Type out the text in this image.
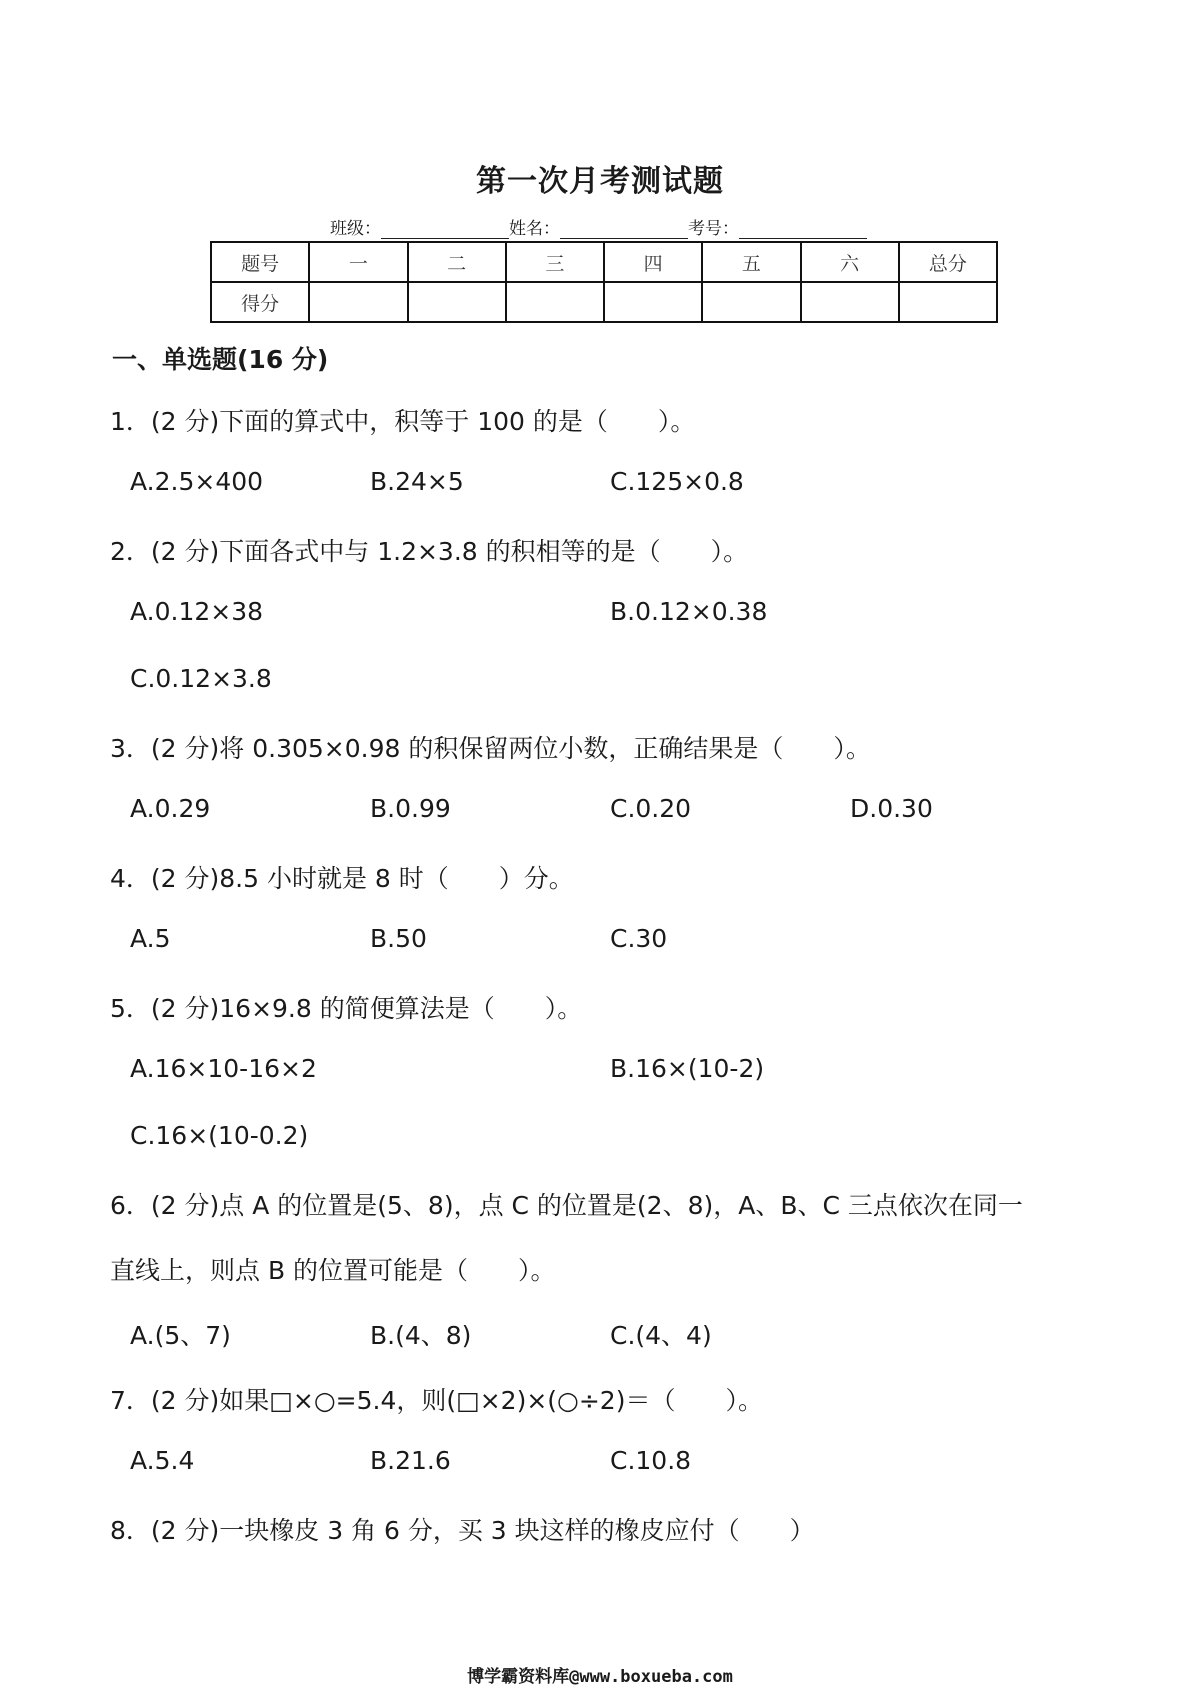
第一次月考测试题
班级：	姓名：	考号：
题号	一	二	三	四	五	六	总分
得分							
一、单选题(16 分)
1．(2 分)下面的算式中，积等于 100 的是（　　）。
A.2.5×400	B.24×5	C.125×0.8
2．(2 分)下面各式中与 1.2×3.8 的积相等的是（　　）。
A.0.12×38	B.0.12×0.38
C.0.12×3.8
3．(2 分)将 0.305×0.98 的积保留两位小数，正确结果是（　　）。
A.0.29	B.0.99	C.0.20	D.0.30
4．(2 分)8.5 小时就是 8 时（　　）分。
A.5	B.50	C.30
5．(2 分)16×9.8 的简便算法是（　　）。
A.16×10-16×2	B.16×(10-2)
C.16×(10-0.2)
6．(2 分)点 A 的位置是(5、8)，点 C 的位置是(2、8)，A、B、C 三点依次在同一
直线上，则点 B 的位置可能是（　　）。
A.(5、7)	B.(4、8)	C.(4、4)
7．(2 分)如果□×○=5.4，则(□×2)×(○÷2)＝（　　）。
A.5.4	B.21.6	C.10.8
8．(2 分)一块橡皮 3 角 6 分，买 3 块这样的橡皮应付（　　）
博学霸资料库@www.boxueba.com
